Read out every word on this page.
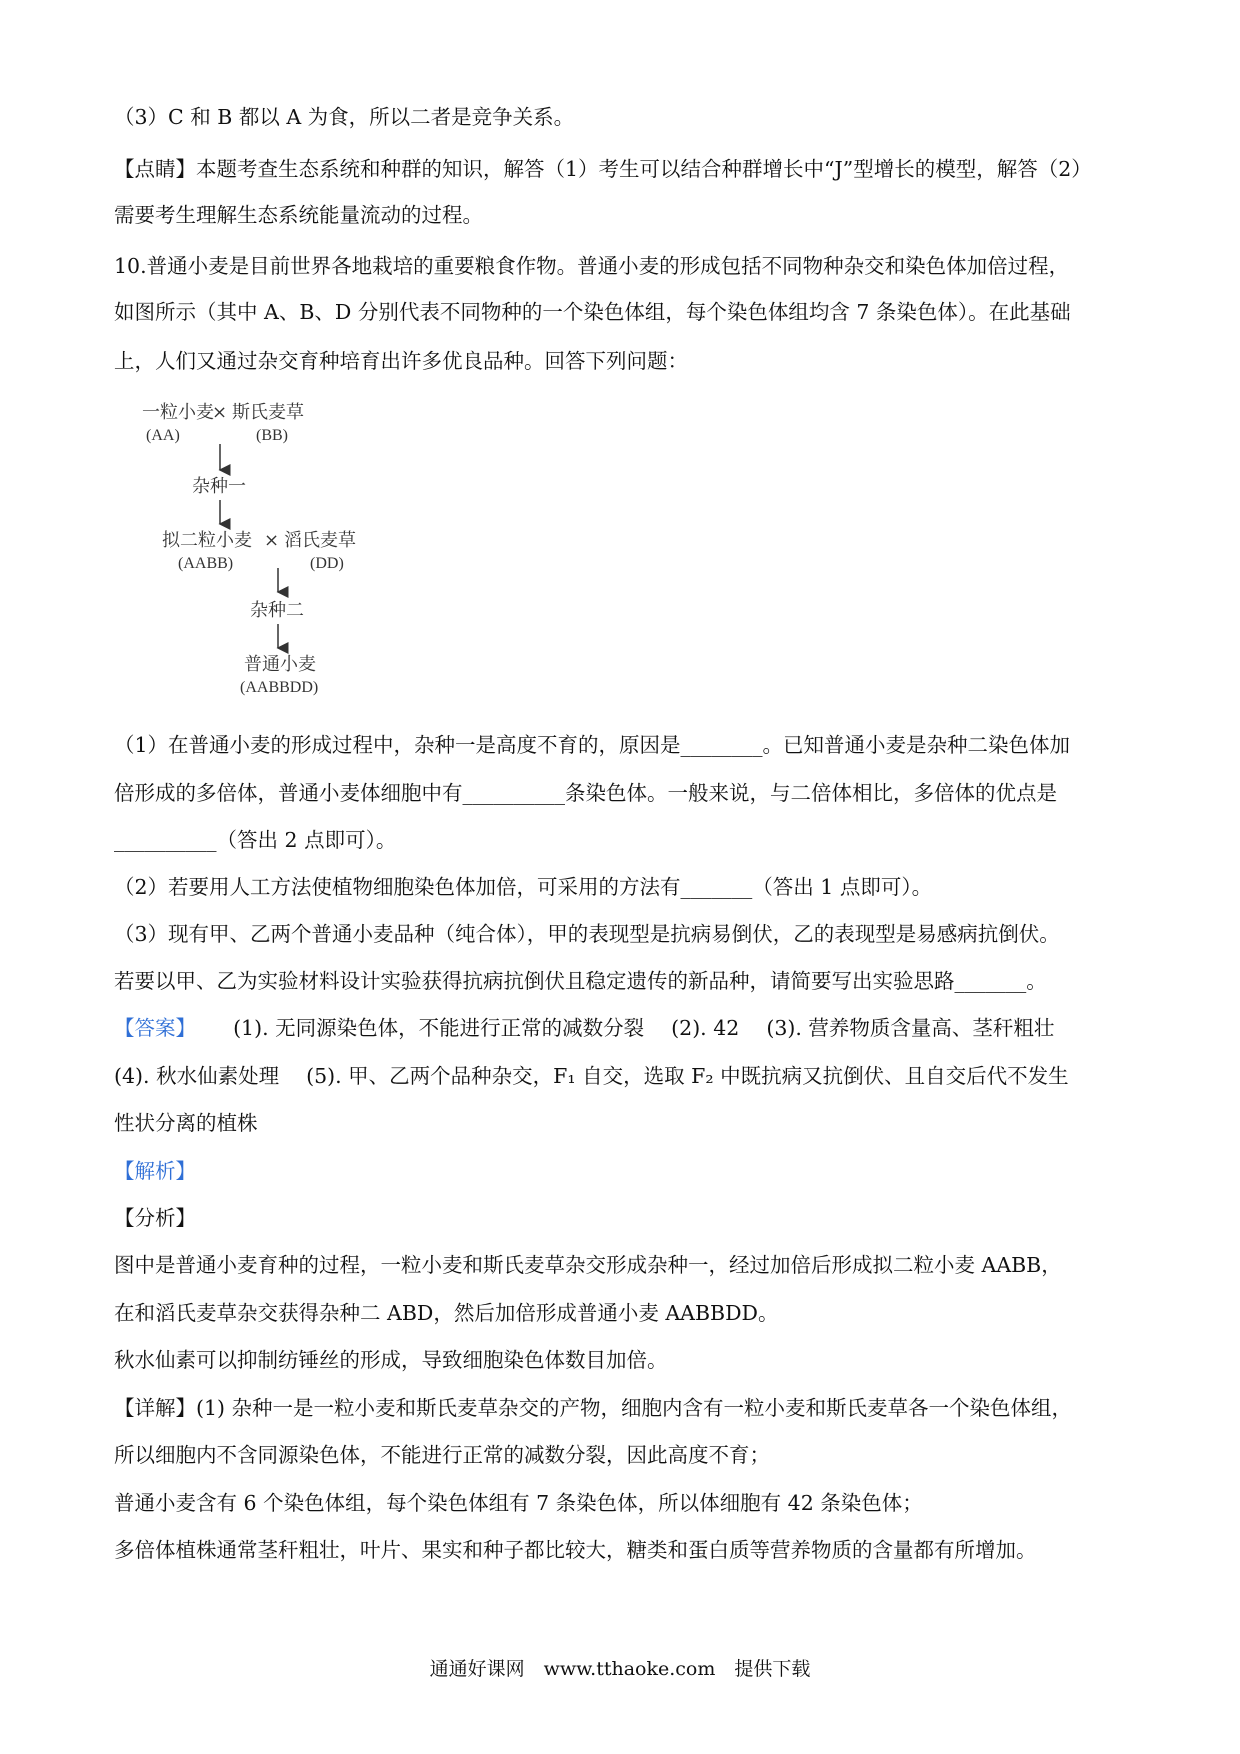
（3）C 和 B 都以 A 为食，所以二者是竞争关系。
【点睛】本题考查生态系统和种群的知识，解答（1）考生可以结合种群增长中“J”型增长的模型，解答（2）
需要考生理解生态系统能量流动的过程。
10.普通小麦是目前世界各地栽培的重要粮食作物。普通小麦的形成包括不同物种杂交和染色体加倍过程，
如图所示（其中 A、B、D 分别代表不同物种的一个染色体组，每个染色体组均含 7 条染色体）。在此基础
上，人们又通过杂交育种培育出许多优良品种。回答下列问题：
一粒小麦
× 斯氏麦草
(AA)	(BB)
杂种一
拟二粒小麦 × 滔氏麦草
(AABB)	(DD)
杂种二
普通小麦
(AABBDD)
（1）在普通小麦的形成过程中，杂种一是高度不育的，原因是________。已知普通小麦是杂种二染色体加
倍形成的多倍体，普通小麦体细胞中有__________条染色体。一般来说，与二倍体相比，多倍体的优点是
__________（答出 2 点即可）。
（2）若要用人工方法使植物细胞染色体加倍，可采用的方法有_______（答出 1 点即可）。
（3）现有甲、乙两个普通小麦品种（纯合体），甲的表现型是抗病易倒伏，乙的表现型是易感病抗倒伏。
若要以甲、乙为实验材料设计实验获得抗病抗倒伏且稳定遗传的新品种，请简要写出实验思路_______。
【答案】 (1). 无同源染色体，不能进行正常的减数分裂　 (2). 42　 (3). 营养物质含量高、茎秆粗壮
(4). 秋水仙素处理　 (5). 甲、乙两个品种杂交，F₁ 自交，选取 F₂ 中既抗病又抗倒伏、且自交后代不发生
性状分离的植株
【解析】
【分析】
图中是普通小麦育种的过程，一粒小麦和斯氏麦草杂交形成杂种一，经过加倍后形成拟二粒小麦 AABB，
在和滔氏麦草杂交获得杂种二 ABD，然后加倍形成普通小麦 AABBDD。
秋水仙素可以抑制纺锤丝的形成，导致细胞染色体数目加倍。
【详解】(1) 杂种一是一粒小麦和斯氏麦草杂交的产物，细胞内含有一粒小麦和斯氏麦草各一个染色体组，
所以细胞内不含同源染色体，不能进行正常的减数分裂，因此高度不育；
普通小麦含有 6 个染色体组，每个染色体组有 7 条染色体，所以体细胞有 42 条染色体；
多倍体植株通常茎秆粗壮，叶片、果实和种子都比较大，糖类和蛋白质等营养物质的含量都有所增加。
通通好课网　www.tthaoke.com　提供下载
